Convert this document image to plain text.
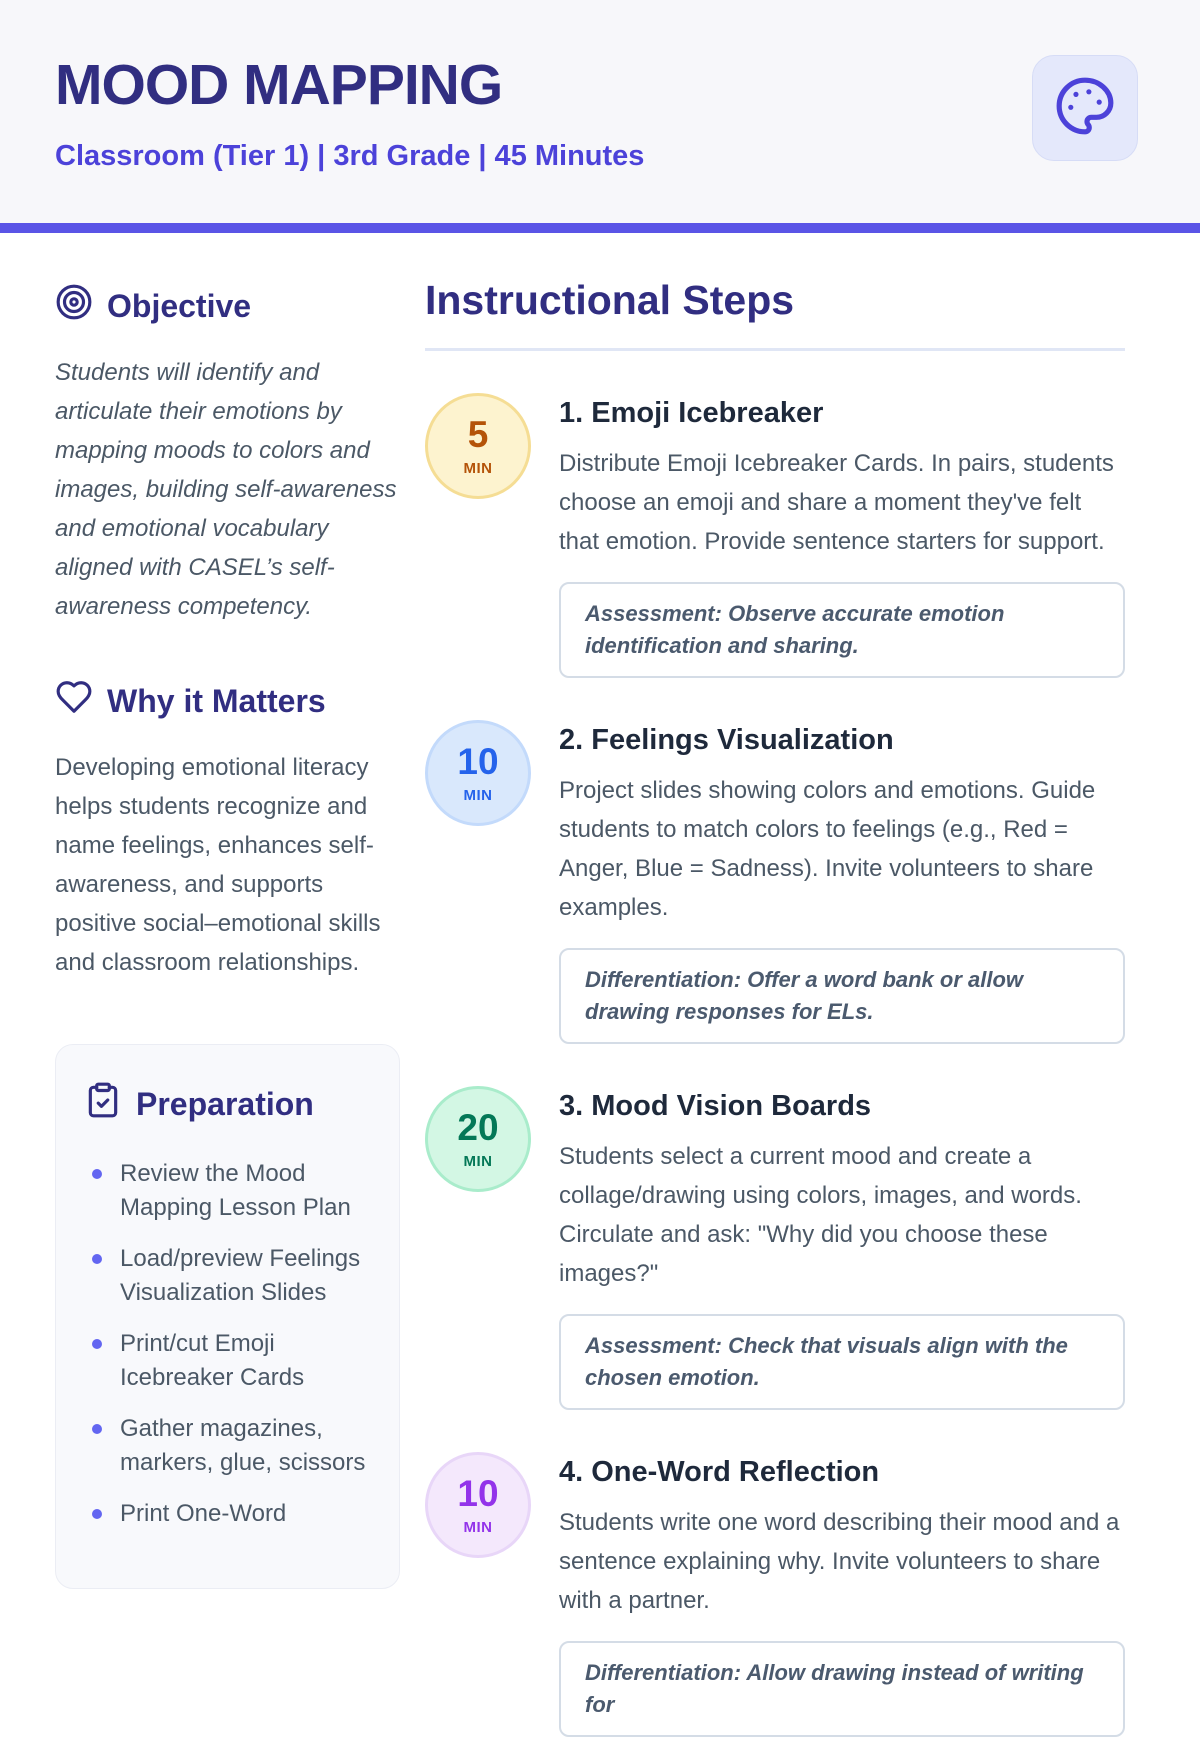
MOOD MAPPING
Classroom (Tier 1) | 3rd Grade | 45 Minutes
Objective

Students will identify and articulate their emotions by mapping moods to colors and images, building self-awareness and emotional vocabulary aligned with CASEL’s self-awareness competency.

Why it Matters

Developing emotional literacy helps students recognize and name feelings, enhances self-awareness, and supports positive social–emotional skills and classroom relationships.

Preparation
Review the Mood Mapping Lesson Plan
Load/preview Feelings Visualization Slides
Print/cut Emoji Icebreaker Cards
Gather magazines, markers, glue, scissors
Print One-Word
Instructional Steps
5
MIN
1. Emoji Icebreaker

Distribute Emoji Icebreaker Cards. In pairs, students choose an emoji and share a moment they've felt that emotion. Provide sentence starters for support.

Assessment: Observe accurate emotion identification and sharing.
10
MIN
2. Feelings Visualization

Project slides showing colors and emotions. Guide students to match colors to feelings (e.g., Red = Anger, Blue = Sadness). Invite volunteers to share examples.

Differentiation: Offer a word bank or allow drawing responses for ELs.
20
MIN
3. Mood Vision Boards

Students select a current mood and create a collage/drawing using colors, images, and words. Circulate and ask: "Why did you choose these images?"

Assessment: Check that visuals align with the chosen emotion.
10
MIN
4. One-Word Reflection

Students write one word describing their mood and a sentence explaining why. Invite volunteers to share with a partner.

Differentiation: Allow drawing instead of writing for
